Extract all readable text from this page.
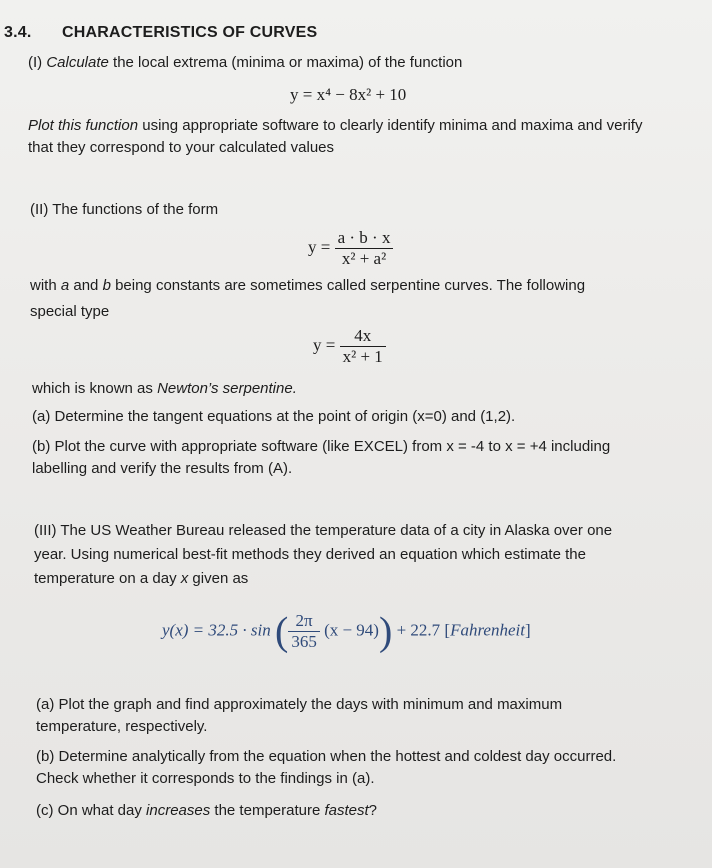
3.4. CHARACTERISTICS OF CURVES
(I) Calculate the local extrema (minima or maxima) of the function
y = x⁴ − 8x² + 10
Plot this function using appropriate software to clearly identify minima and maxima and verify
that they correspond to your calculated values
(II) The functions of the form
$y = \frac{a \cdot b \cdot x}{\text{x² + a²}}$
with a and b being constants are sometimes called serpentine curves. The following
special type
$y = \frac{4x}{\text{x² + 1}}$
which is known as Newton’s serpentine.
(a) Determine the tangent equations at the point of origin (x=0) and (1,2).
(b) Plot the curve with appropriate software (like EXCEL) from x = -4 to x = +4 including
labelling and verify the results from (A).
(III) The US Weather Bureau released the temperature data of a city in Alaska over one
year. Using numerical best-fit methods they derived an equation which estimate the
temperature on a day x given as
y(x) = 32.5 · sin ( $\frac{2\pi}{365} (x - 94)) + 22.7$ [Fahrenheit]
(a) Plot the graph and find approximately the days with minimum and maximum
temperature, respectively.
(b) Determine analytically from the equation when the hottest and coldest day occurred.
Check whether it corresponds to the findings in (a).
(c) On what day increases the temperature fastest?
